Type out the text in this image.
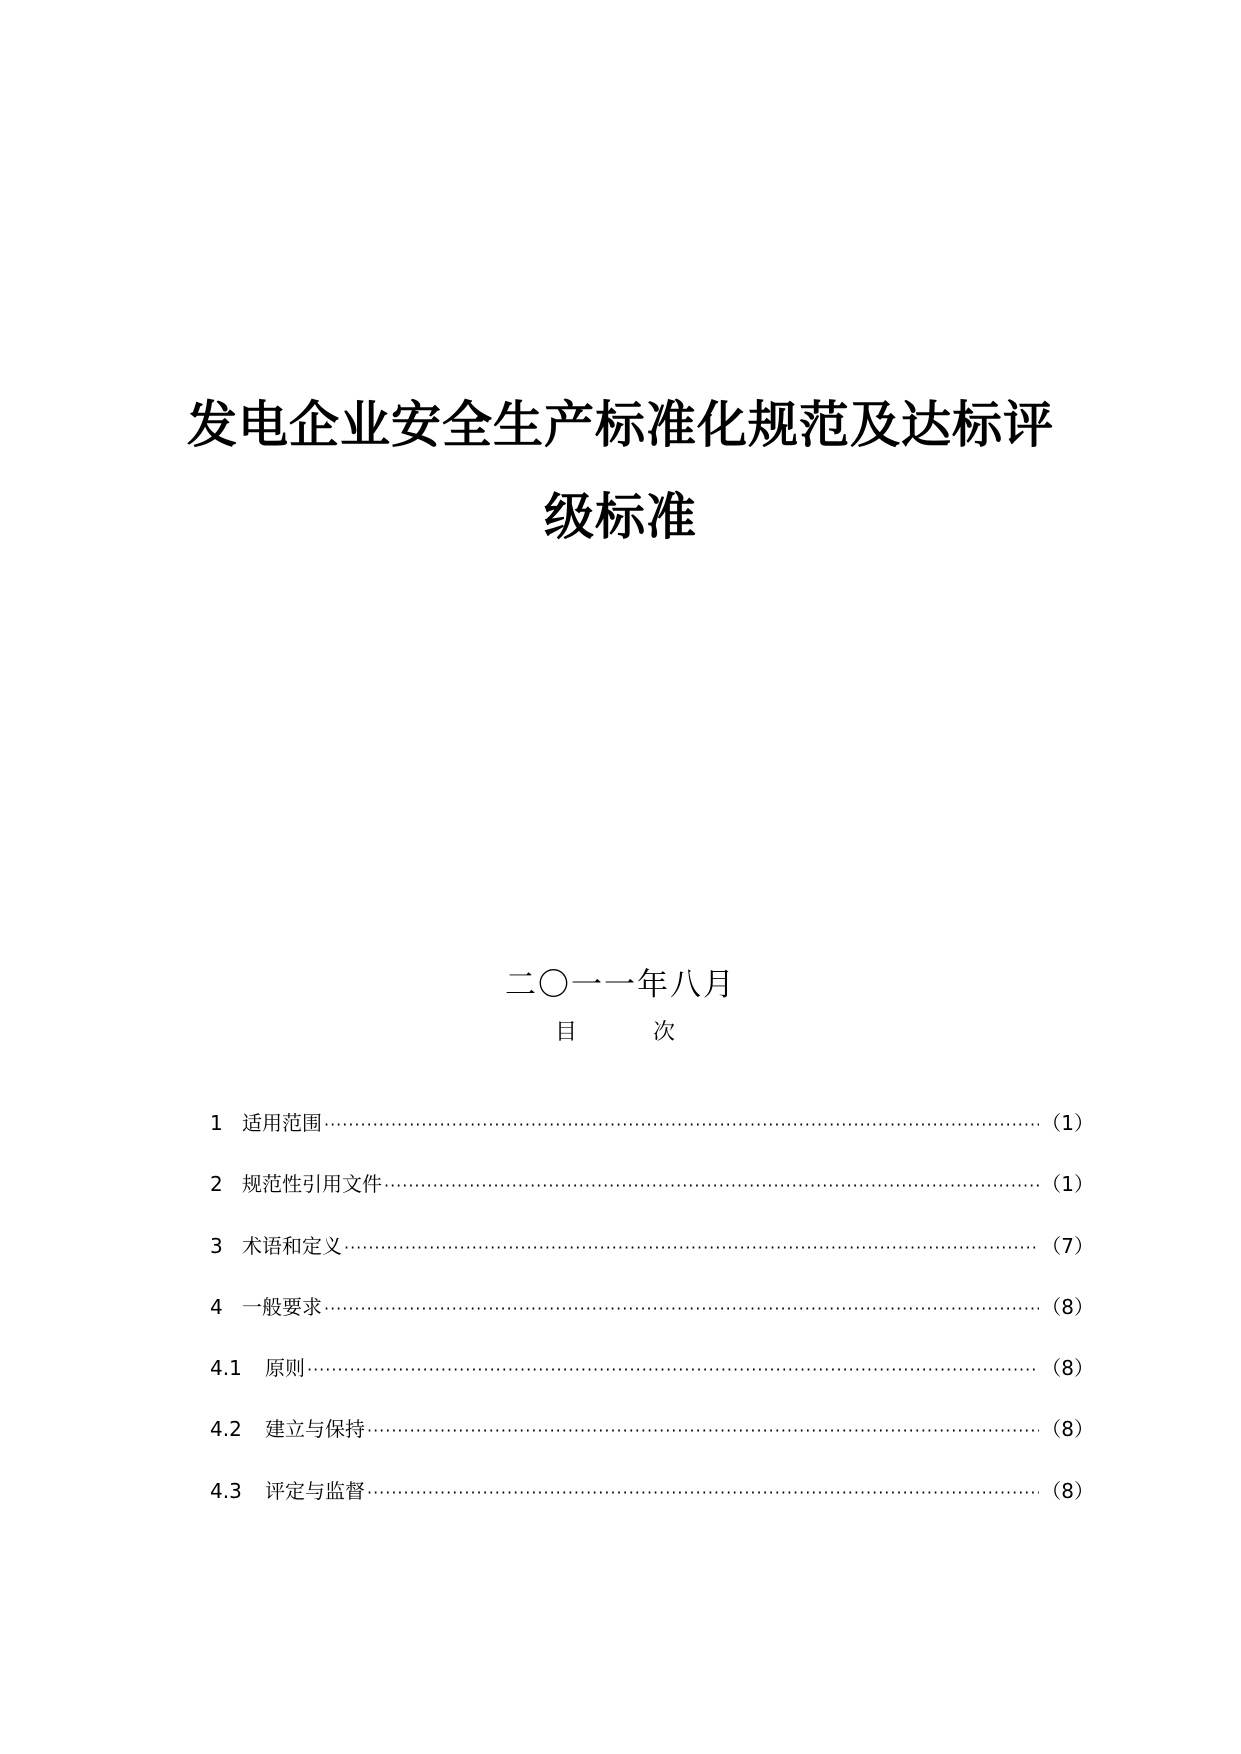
发电企业安全生产标准化规范及达标评
级标准
二〇一一年八月
目	次
1 适用范围 ·····	（1）
2 规范性引用文件 ·····	（1）
3 术语和定义 ·····	（7）
4 一般要求 ·····	（8）
4.1	原则 ·····	（8）
4.2	建立与保持 ·····	（8）
4.3	评定与监督 ·····	（8）
